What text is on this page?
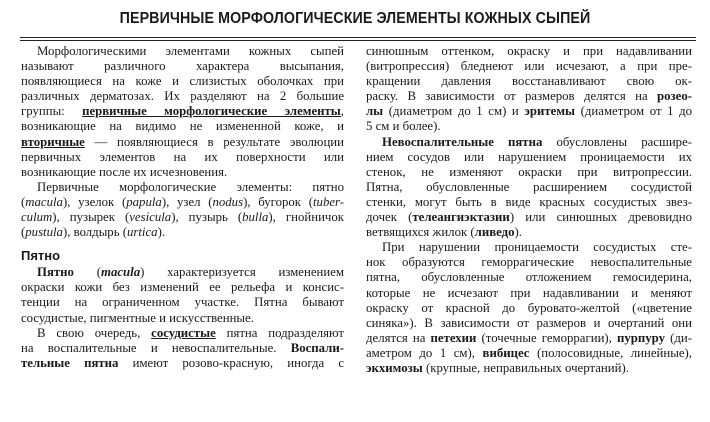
ПЕРВИЧНЫЕ МОРФОЛОГИЧЕСКИЕ ЭЛЕМЕНТЫ КОЖНЫХ СЫПЕЙ
Морфологическими элементами кожных сыпей
называют различного характера высыпания,
появляющиеся на коже и слизистых оболочках при
различных дерматозах. Их разделяют на 2 большие
группы: первичные морфологические элементы,
возникающие на видимо не измененной коже, и
вторичные — появляющиеся в результате эволюции
первичных элементов на их поверхности или
возникающие после их исчезновения.
Первичные морфологические элементы: пятно
(macula), узелок (papula), узел (nodus), бугорок (tuber-
culum), пузырек (vesicula), пузырь (bulla), гнойничок
(pustula), волдырь (urtica).
Пятно
Пятно (macula) характеризуется изменением
окраски кожи без изменений ее рельефа и консис-
тенции на ограниченном участке. Пятна бывают
сосудистые, пигментные и искусственные.
В свою очередь, сосудистые пятна подразделяют
на воспалительные и невоспалительные. Воспали-
тельные пятна имеют розово-красную, иногда с
синюшным оттенком, окраску и при надавливании
(витропрессия) бледнеют или исчезают, а при пре-
кращении давления восстанавливают свою ок-
раску. В зависимости от размеров делятся на розео-
лы (диаметром до 1 см) и эритемы (диаметром от 1 до
5 см и более).
Невоспалительные пятна обусловлены расшире-
нием сосудов или нарушением проницаемости их
стенок, не изменяют окраски при витропрессии.
Пятна, обусловленные расширением сосудистой
стенки, могут быть в виде красных сосудистых звез-
дочек (телеангиэктазии) или синюшных древовидно
ветвящихся жилок (ливедо).
При нарушении проницаемости сосудистых сте-
нок образуются геморрагические невоспалительные
пятна, обусловленные отложением гемосидерина,
которые не исчезают при надавливании и меняют
окраску от красной до буровато-желтой («цветение
синяка»). В зависимости от размеров и очертаний они
делятся на петехии (точечные геморрагии), пурпуру (ди-
аметром до 1 см), вибицес (полосовидные, линейные),
экхимозы (крупные, неправильных очертаний).
